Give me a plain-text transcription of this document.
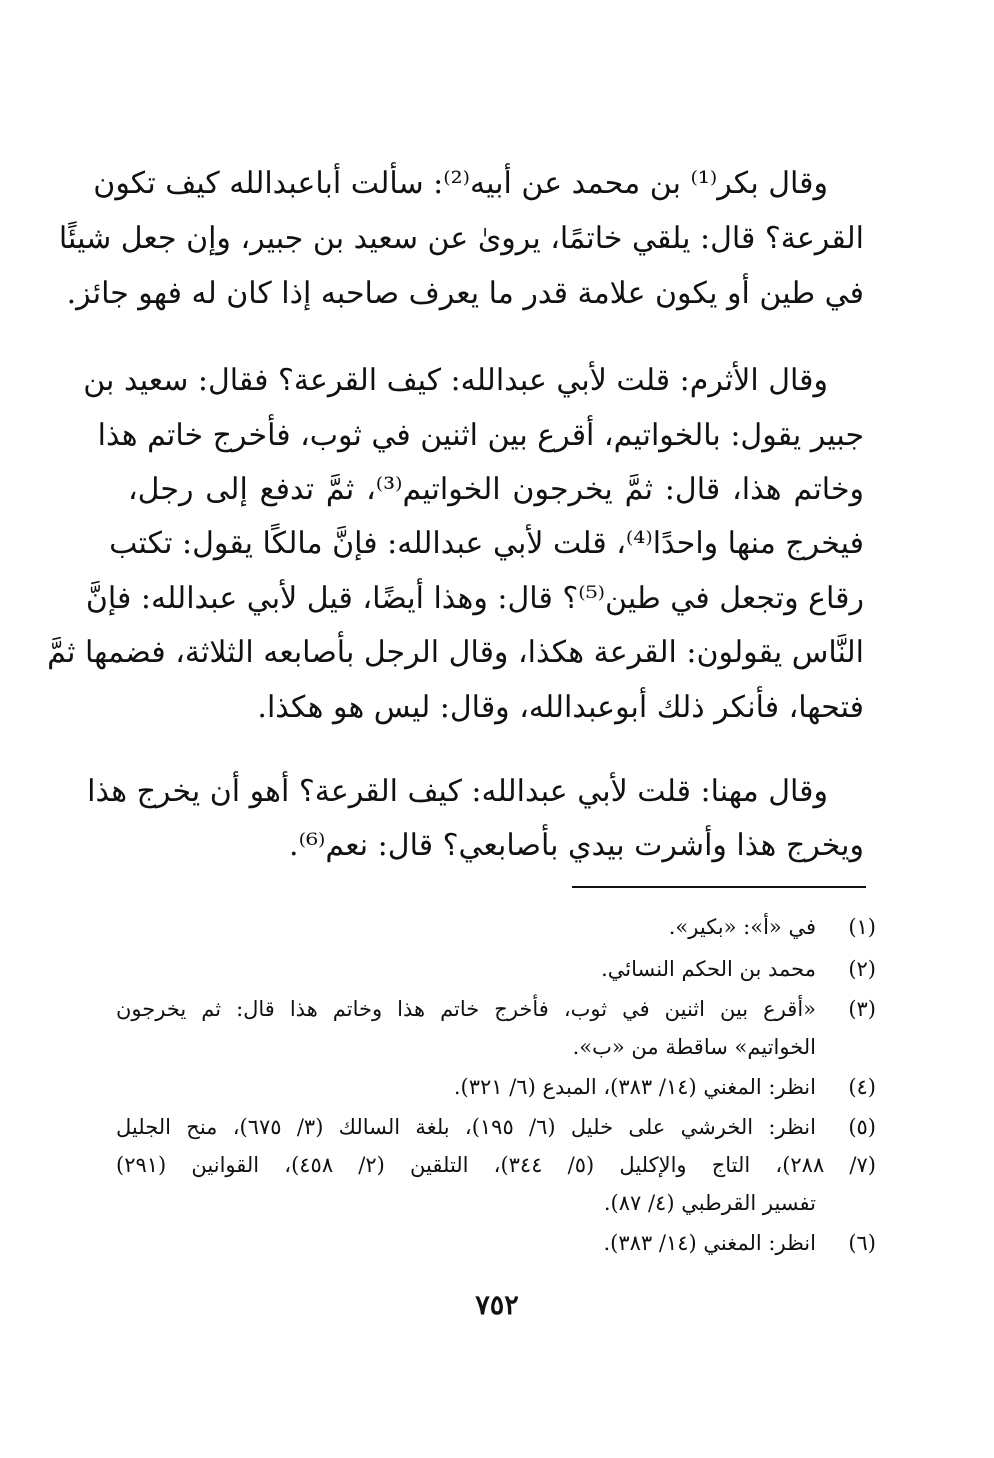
وقال بكر⁽¹⁾ بن محمد عن أبيه⁽²⁾: سألت أباعبدالله كيف تكون
القرعة؟ قال: يلقي خاتمًا، يروىٰ عن سعيد بن جبير، وإن جعل شيئًا
في طين أو يكون علامة قدر ما يعرف صاحبه إذا كان له فهو جائز.
وقال الأثرم: قلت لأبي عبدالله: كيف القرعة؟ فقال: سعيد بن
جبير يقول: بالخواتيم، أقرع بين اثنين في ثوب، فأخرج خاتم هذا
وخاتم هذا، قال: ثمَّ يخرجون الخواتيم⁽³⁾، ثمَّ تدفع إلى رجل،
فيخرج منها واحدًا⁽⁴⁾، قلت لأبي عبدالله: فإنَّ مالكًا يقول: تكتب
رقاع وتجعل في طين⁽⁵⁾؟ قال: وهذا أيضًا، قيل لأبي عبدالله: فإنَّ
النَّاس يقولون: القرعة هكذا، وقال الرجل بأصابعه الثلاثة، فضمها ثمَّ
فتحها، فأنكر ذلك أبوعبدالله، وقال: ليس هو هكذا.
وقال مهنا: قلت لأبي عبدالله: كيف القرعة؟ أهو أن يخرج هذا
ويخرج هذا وأشرت بيدي بأصابعي؟ قال: نعم⁽⁶⁾.
(١)
في «أ»: «بكير».
(٢)
محمد بن الحكم النسائي.
(٣)
«أقرع بين اثنين في ثوب، فأخرج خاتم هذا وخاتم هذا قال: ثم يخرجون
الخواتيم» ساقطة من «ب».
(٤)
انظر: المغني (١٤/ ٣٨٣)، المبدع (٦/ ٣٢١).
(٥)
انظر: الخرشي على خليل (٦/ ١٩٥)، بلغة السالك (٣/ ٦٧٥)، منح الجليل
(٧/ ٢٨٨)، التاج والإكليل (٥/ ٣٤٤)، التلقين (٢/ ٤٥٨)، القوانين (٢٩١)
تفسير القرطبي (٤/ ٨٧).
(٦)
انظر: المغني (١٤/ ٣٨٣).
٧٥٢
